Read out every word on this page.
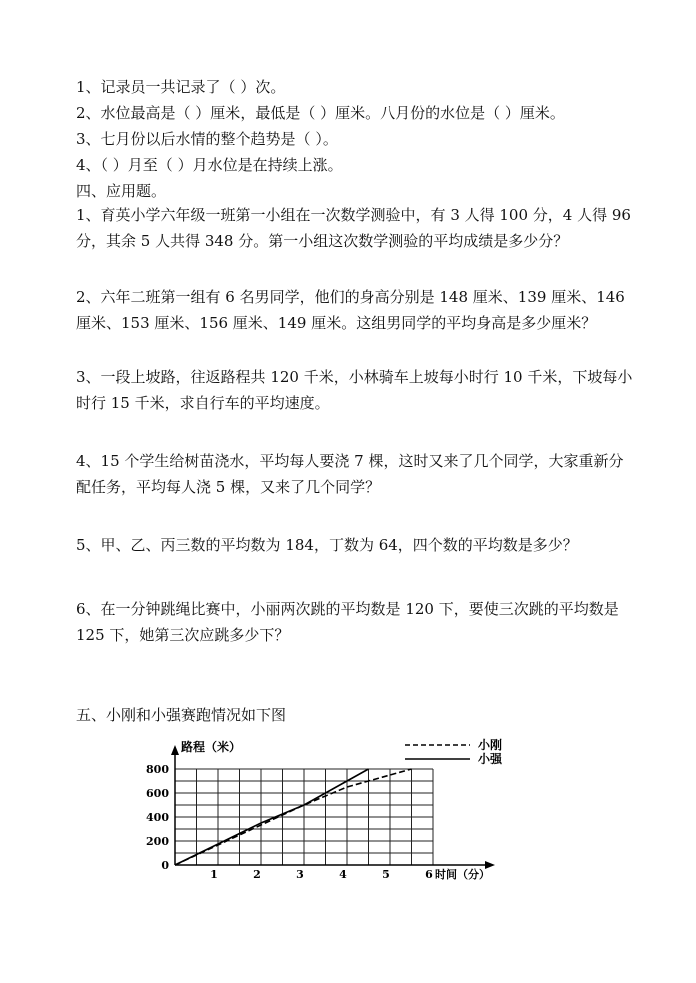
1、记录员一共记录了（ ）次。
2、水位最高是（ ）厘米，最低是（ ）厘米。八月份的水位是（ ）厘米。
3、七月份以后水情的整个趋势是（ ）。
4、（ ）月至（ ）月水位是在持续上涨。
四、应用题。
1、育英小学六年级一班第一小组在一次数学测验中，有 3 人得 100 分，4 人得 96 分，其余 5 人共得 348 分。第一小组这次数学测验的平均成绩是多少分？
2、六年二班第一组有 6 名男同学，他们的身高分别是 148 厘米、139 厘米、146 厘米、153 厘米、156 厘米、149 厘米。这组男同学的平均身高是多少厘米？
3、一段上坡路，往返路程共 120 千米，小林骑车上坡每小时行 10 千米，下坡每小时行 15 千米，求自行车的平均速度。
4、15 个学生给树苗浇水，平均每人要浇 7 棵，这时又来了几个同学，大家重新分配任务，平均每人浇 5 棵，又来了几个同学？
5、甲、乙、丙三数的平均数为 184，丁数为 64，四个数的平均数是多少？
6、在一分钟跳绳比赛中，小丽两次跳的平均数是 120 下，要使三次跳的平均数是 125 下，她第三次应跳多少下？
五、小刚和小强赛跑情况如下图
0
200
400
600
800
1	2	3	4	5	6
路程（米）
时间（分）
小刚
小强
